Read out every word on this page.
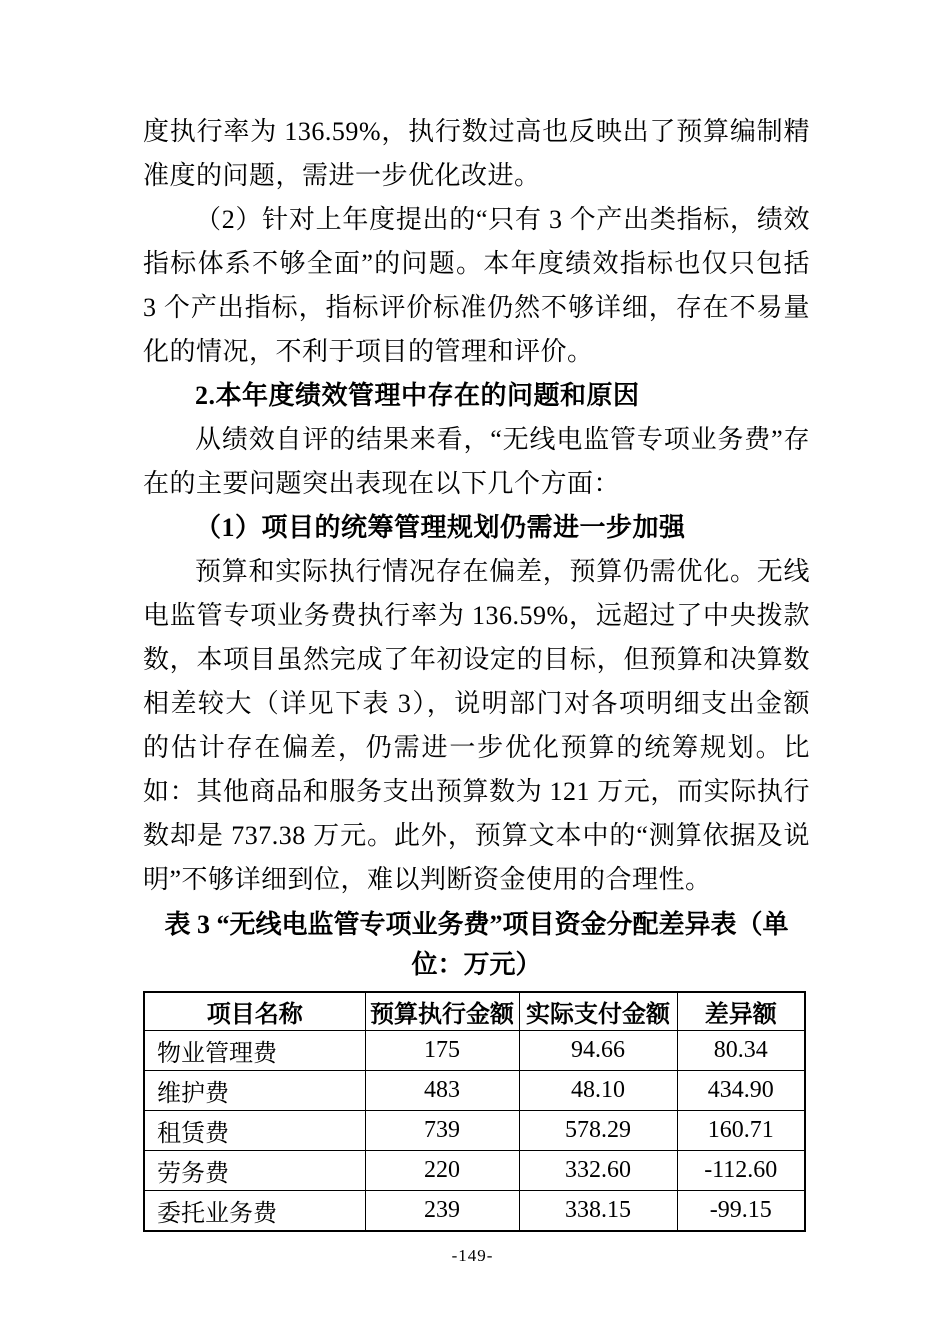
度执行率为 136.59%，执行数过高也反映出了预算编制精准度的问题，需进一步优化改进。

（2）针对上年度提出的“只有 3 个产出类指标，绩效指标体系不够全面”的问题。本年度绩效指标也仅只包括 3 个产出指标，指标评价标准仍然不够详细，存在不易量化的情况，不利于项目的管理和评价。

2.本年度绩效管理中存在的问题和原因

从绩效自评的结果来看，“无线电监管专项业务费”存在的主要问题突出表现在以下几个方面：

（1）项目的统筹管理规划仍需进一步加强

预算和实际执行情况存在偏差，预算仍需优化。无线电监管专项业务费执行率为 136.59%，远超过了中央拨款数，本项目虽然完成了年初设定的目标，但预算和决算数相差较大（详见下表 3），说明部门对各项明细支出金额的估计存在偏差，仍需进一步优化预算的统筹规划。比如：其他商品和服务支出预算数为 121 万元，而实际执行数却是 737.38 万元。此外，预算文本中的“测算依据及说明”不够详细到位，难以判断资金使用的合理性。

表 3 “无线电监管专项业务费”项目资金分配差异表（单
位：万元）
项目名称	预算执行金额	实际支付金额	差异额
物业管理费	175	94.66	80.34
维护费	483	48.10	434.90
租赁费	739	578.29	160.71
劳务费	220	332.60	-112.60
委托业务费	239	338.15	-99.15
-149-
